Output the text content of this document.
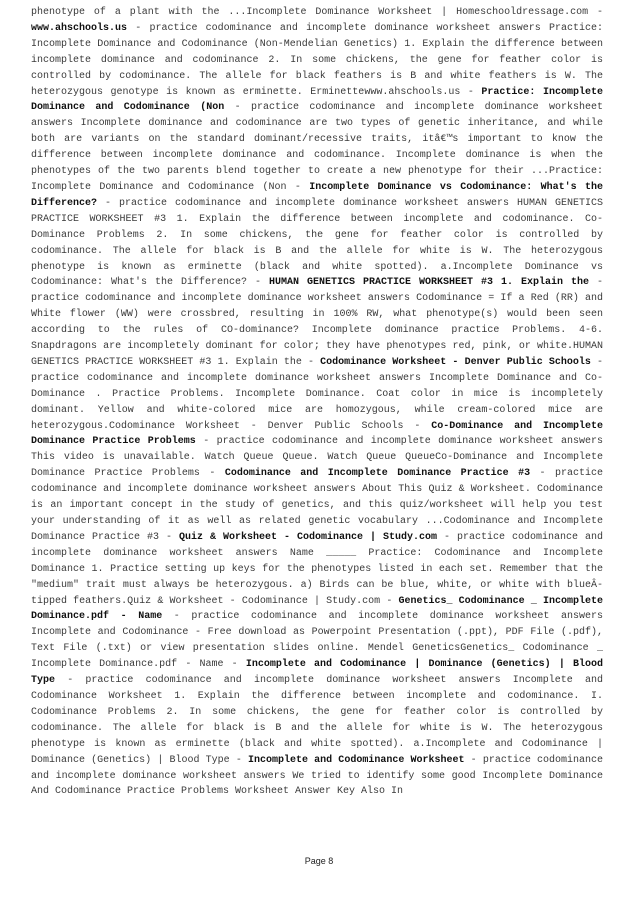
phenotype of a plant with the ...Incomplete Dominance Worksheet | Homeschooldressage.com - www.ahschools.us - practice codominance and incomplete dominance worksheet answers Practice: Incomplete Dominance and Codominance (Non-Mendelian Genetics) 1. Explain the difference between incomplete dominance and codominance 2. In some chickens, the gene for feather color is controlled by codominance. The allele for black feathers is B and white feathers is W. The heterozygous genotype is known as erminette. Erminettewww.ahschools.us - Practice: Incomplete Dominance and Codominance (Non - practice codominance and incomplete dominance worksheet answers Incomplete dominance and codominance are two types of genetic inheritance, and while both are variants on the standard dominant/recessive traits, itâ€™s important to know the difference between incomplete dominance and codominance. Incomplete dominance is when the phenotypes of the two parents blend together to create a new phenotype for their ...Practice: Incomplete Dominance and Codominance (Non - Incomplete Dominance vs Codominance: What's the Difference? - practice codominance and incomplete dominance worksheet answers HUMAN GENETICS PRACTICE WORKSHEET #3 1. Explain the difference between incomplete and codominance. Co-Dominance Problems 2. In some chickens, the gene for feather color is controlled by codominance. The allele for black is B and the allele for white is W. The heterozygous phenotype is known as erminette (black and white spotted). a.Incomplete Dominance vs Codominance: What's the Difference? - HUMAN GENETICS PRACTICE WORKSHEET #3 1. Explain the - practice codominance and incomplete dominance worksheet answers Codominance = If a Red (RR) and White flower (WW) were crossbred, resulting in 100% RW, what phenotype(s) would been seen according to the rules of CO-dominance? Incomplete dominance practice Problems. 4-6. Snapdragons are incompletely dominant for color; they have phenotypes red, pink, or white.HUMAN GENETICS PRACTICE WORKSHEET #3 1. Explain the - Codominance Worksheet - Denver Public Schools - practice codominance and incomplete dominance worksheet answers Incomplete Dominance and Co-Dominance . Practice Problems. Incomplete Dominance. Coat color in mice is incompletely dominant. Yellow and white-colored mice are homozygous, while cream-colored mice are heterozygous.Codominance Worksheet - Denver Public Schools - Co-Dominance and Incomplete Dominance Practice Problems - practice codominance and incomplete dominance worksheet answers This video is unavailable. Watch Queue Queue. Watch Queue QueueCo-Dominance and Incomplete Dominance Practice Problems - Codominance and Incomplete Dominance Practice #3 - practice codominance and incomplete dominance worksheet answers About This Quiz & Worksheet. Codominance is an important concept in the study of genetics, and this quiz/worksheet will help you test your understanding of it as well as related genetic vocabulary ...Codominance and Incomplete Dominance Practice #3 - Quiz & Worksheet - Codominance | Study.com - practice codominance and incomplete dominance worksheet answers Name _____ Practice: Codominance and Incomplete Dominance 1. Practice setting up keys for the phenotypes listed in each set. Remember that the "medium" trait must always be heterozygous. a) Birds can be blue, white, or white with blueÂ-tipped feathers.Quiz & Worksheet - Codominance | Study.com - Genetics_ Codominance _ Incomplete Dominance.pdf - Name - practice codominance and incomplete dominance worksheet answers Incomplete and Codominance - Free download as Powerpoint Presentation (.ppt), PDF File (.pdf), Text File (.txt) or view presentation slides online. Mendel GeneticsGenetics_ Codominance _ Incomplete Dominance.pdf - Name - Incomplete and Codominance | Dominance (Genetics) | Blood Type - practice codominance and incomplete dominance worksheet answers Incomplete and Codominance Worksheet 1. Explain the difference between incomplete and codominance. I. Codominance Problems 2. In some chickens, the gene for feather color is controlled by codominance. The allele for black is B and the allele for white is W. The heterozygous phenotype is known as erminette (black and white spotted). a.Incomplete and Codominance | Dominance (Genetics) | Blood Type - Incomplete and Codominance Worksheet - practice codominance and incomplete dominance worksheet answers We tried to identify some good Incomplete Dominance And Codominance Practice Problems Worksheet Answer Key Also In

Page 8
